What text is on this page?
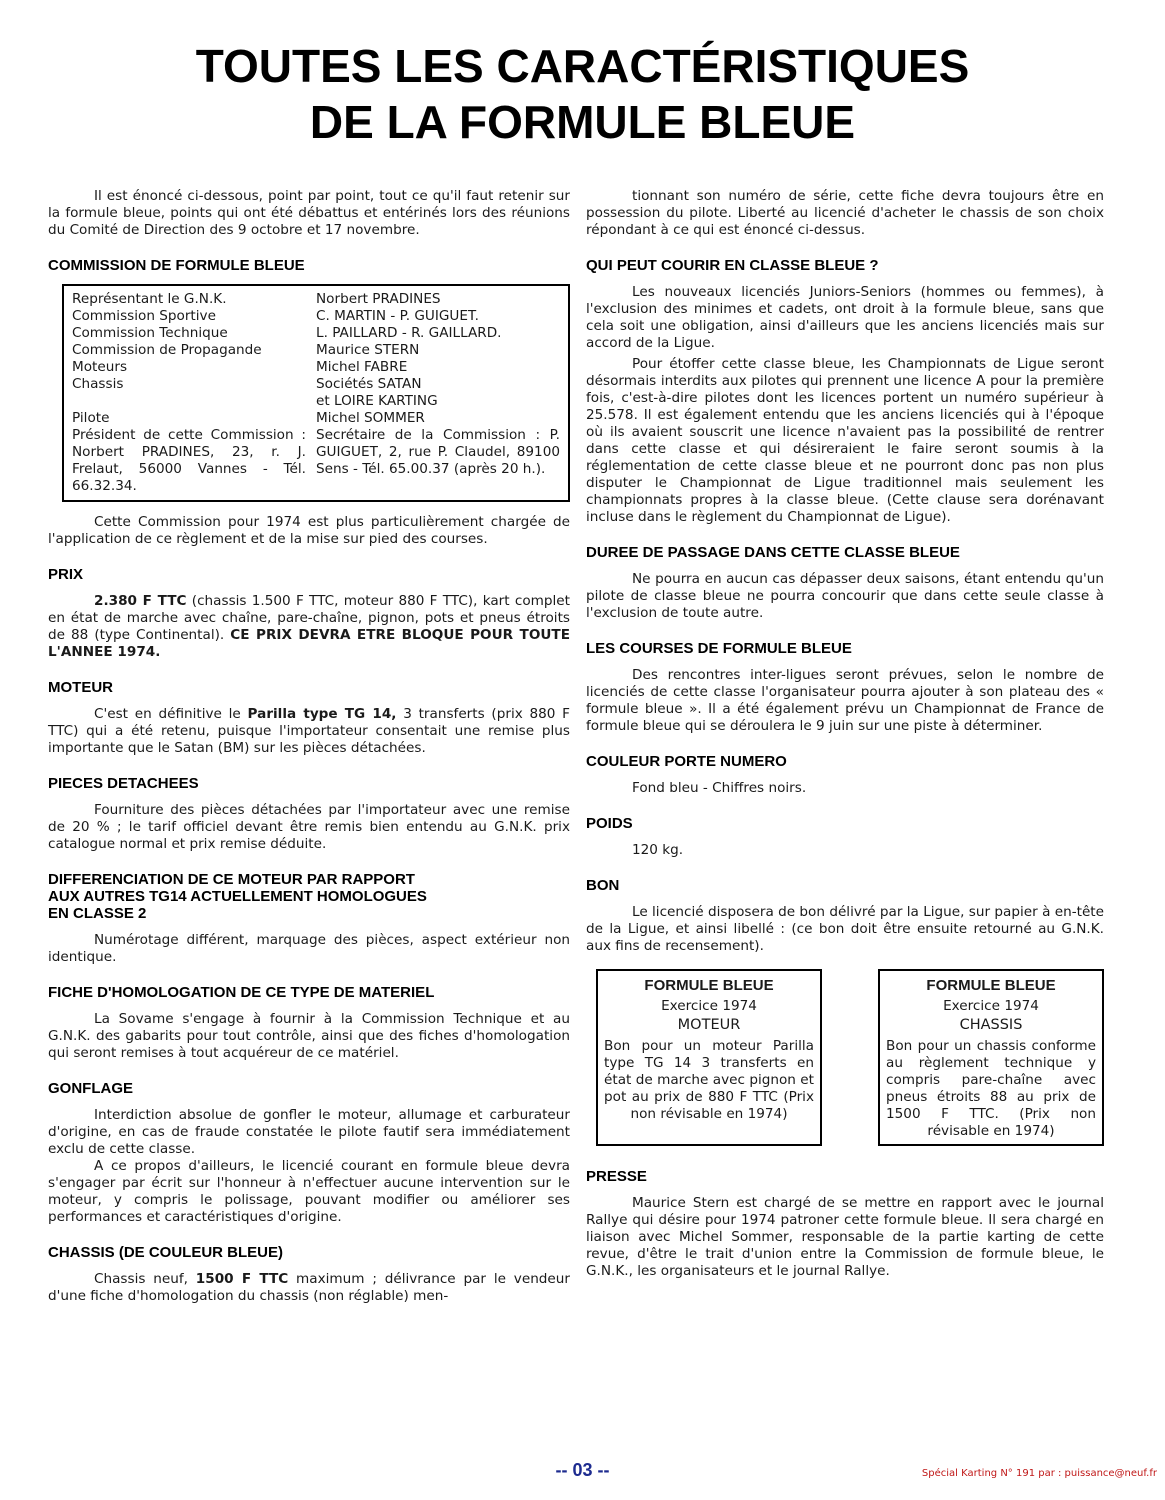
TOUTES LES CARACTÉRISTIQUES
DE LA FORMULE BLEUE

Il est énoncé ci-dessous, point par point, tout ce qu'il faut retenir sur la formule bleue, points qui ont été débattus et entérinés lors des réunions du Comité de Direction des 9 octobre et 17 novembre.

COMMISSION DE FORMULE BLEUE
Représentant le G.N.K.	Norbert PRADINES
Commission Sportive	C. MARTIN - P. GUIGUET.
Commission Technique	L. PAILLARD - R. GAILLARD.
Commission de Propagande	Maurice STERN
Moteurs	Michel FABRE
Chassis	Sociétés SATAN
et LOIRE KARTING
Pilote	Michel SOMMER
Président de cette Commission : Norbert PRADINES, 23, r. J. Frelaut, 56000 Vannes - Tél. 66.32.34.
Secrétaire de la Commission : P. GUIGUET, 2, rue P. Claudel, 89100 Sens - Tél. 65.00.37 (après 20 h.).

Cette Commission pour 1974 est plus particulièrement chargée de l'application de ce règlement et de la mise sur pied des courses.

PRIX

2.380 F TTC (chassis 1.500 F TTC, moteur 880 F TTC), kart complet en état de marche avec chaîne, pare-chaîne, pignon, pots et pneus étroits de 88 (type Continental). CE PRIX DEVRA ETRE BLOQUE POUR TOUTE L'ANNEE 1974.

MOTEUR

C'est en définitive le Parilla type TG 14, 3 transferts (prix 880 F TTC) qui a été retenu, puisque l'importateur consentait une remise plus importante que le Satan (BM) sur les pièces détachées.

PIECES DETACHEES

Fourniture des pièces détachées par l'importateur avec une remise de 20 % ; le tarif officiel devant être remis bien entendu au G.N.K. prix catalogue normal et prix remise déduite.

DIFFERENCIATION DE CE MOTEUR PAR RAPPORT
AUX AUTRES TG14 ACTUELLEMENT HOMOLOGUES
EN CLASSE 2

Numérotage différent, marquage des pièces, aspect extérieur non identique.

FICHE D'HOMOLOGATION DE CE TYPE DE MATERIEL

La Sovame s'engage à fournir à la Commission Technique et au G.N.K. des gabarits pour tout contrôle, ainsi que des fiches d'homologation qui seront remises à tout acquéreur de ce matériel.

GONFLAGE

Interdiction absolue de gonfler le moteur, allumage et carburateur d'origine, en cas de fraude constatée le pilote fautif sera immédiatement exclu de cette classe.

A ce propos d'ailleurs, le licencié courant en formule bleue devra s'engager par écrit sur l'honneur à n'effectuer aucune intervention sur le moteur, y compris le polissage, pouvant modifier ou améliorer ses performances et caractéristiques d'origine.

CHASSIS (DE COULEUR BLEUE)

Chassis neuf, 1500 F TTC maximum ; délivrance par le vendeur d'une fiche d'homologation du chassis (non réglable) men-

tionnant son numéro de série, cette fiche devra toujours être en possession du pilote. Liberté au licencié d'acheter le chassis de son choix répondant à ce qui est énoncé ci-dessus.

QUI PEUT COURIR EN CLASSE BLEUE ?

Les nouveaux licenciés Juniors-Seniors (hommes ou femmes), à l'exclusion des minimes et cadets, ont droit à la formule bleue, sans que cela soit une obligation, ainsi d'ailleurs que les anciens licenciés mais sur accord de la Ligue.

Pour étoffer cette classe bleue, les Championnats de Ligue seront désormais interdits aux pilotes qui prennent une licence A pour la première fois, c'est-à-dire pilotes dont les licences portent un numéro supérieur à 25.578. Il est également entendu que les anciens licenciés qui à l'époque où ils avaient souscrit une licence n'avaient pas la possibilité de rentrer dans cette classe et qui désireraient le faire seront soumis à la réglementation de cette classe bleue et ne pourront donc pas non plus disputer le Championnat de Ligue traditionnel mais seulement les championnats propres à la classe bleue. (Cette clause sera dorénavant incluse dans le règlement du Championnat de Ligue).

DUREE DE PASSAGE DANS CETTE CLASSE BLEUE

Ne pourra en aucun cas dépasser deux saisons, étant entendu qu'un pilote de classe bleue ne pourra concourir que dans cette seule classe à l'exclusion de toute autre.

LES COURSES DE FORMULE BLEUE

Des rencontres inter-ligues seront prévues, selon le nombre de licenciés de cette classe l'organisateur pourra ajouter à son plateau des « formule bleue ». Il a été également prévu un Championnat de France de formule bleue qui se déroulera le 9 juin sur une piste à déterminer.

COULEUR PORTE NUMERO

Fond bleu - Chiffres noirs.

POIDS

120 kg.

BON

Le licencié disposera de bon délivré par la Ligue, sur papier à en-tête de la Ligue, et ainsi libellé : (ce bon doit être ensuite retourné au G.N.K. aux fins de recensement).

FORMULE BLEUE
Exercice 1974
MOTEUR
Bon pour un moteur Parilla type TG 14 3 transferts en état de marche avec pignon et pot au prix de 880 F TTC (Prix non révisable en 1974)
FORMULE BLEUE
Exercice 1974
CHASSIS
Bon pour un chassis conforme au règlement technique y compris pare-chaîne avec pneus étroits 88 au prix de 1500 F TTC. (Prix non révisable en 1974)
PRESSE

Maurice Stern est chargé de se mettre en rapport avec le journal Rallye qui désire pour 1974 patroner cette formule bleue. Il sera chargé en liaison avec Michel Sommer, responsable de la partie karting de cette revue, d'être le trait d'union entre la Commission de formule bleue, le G.N.K., les organisateurs et le journal Rallye.

-- 03 --	Spécial Karting N° 191 par : puissance@neuf.fr
